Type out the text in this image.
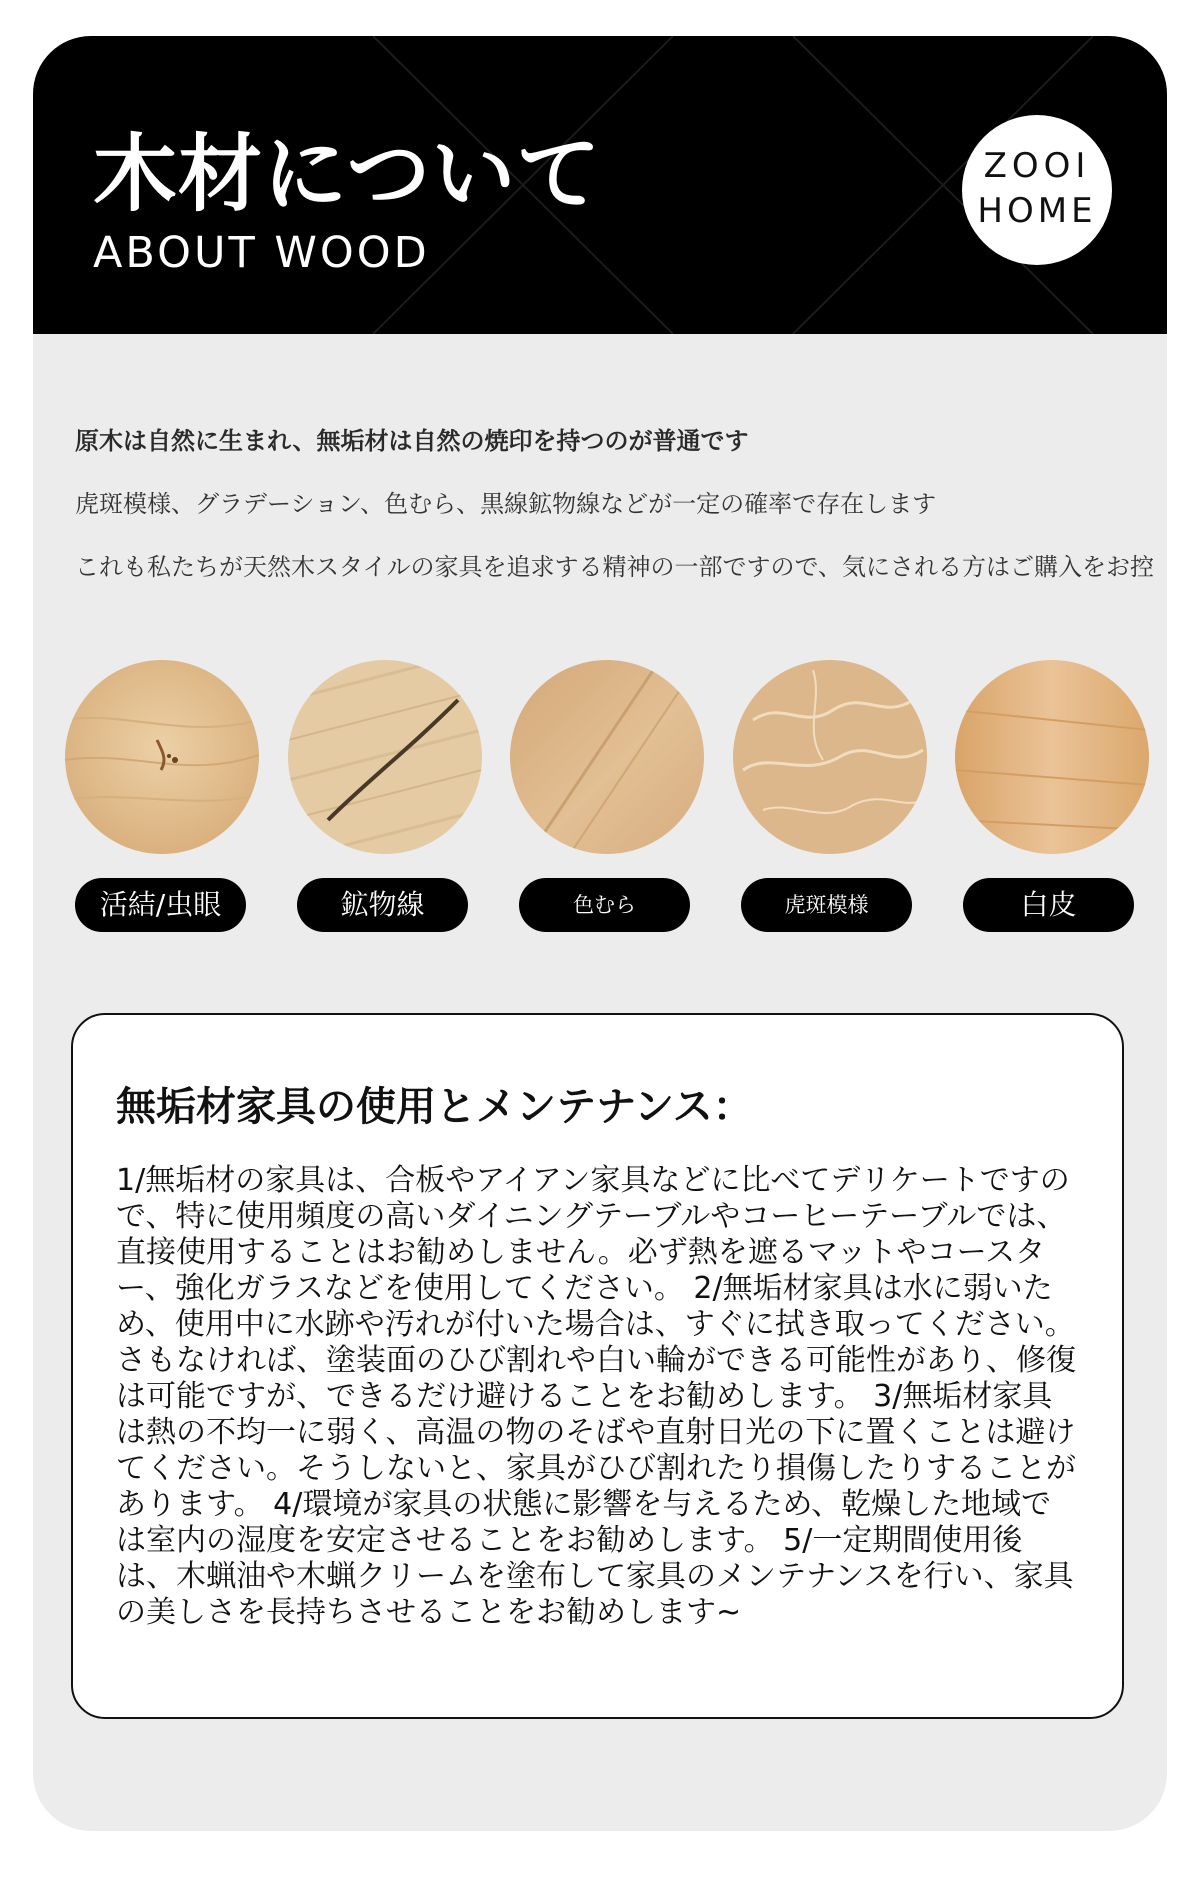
木材について
ABOUT WOOD
ZOOI
HOME
原木は自然に生まれ、無垢材は自然の焼印を持つのが普通です
虎斑模様、グラデーション、色むら、黒線鉱物線などが一定の確率で存在します
これも私たちが天然木スタイルの家具を追求する精神の一部ですので、気にされる方はご購入をお控
活結/虫眼	鉱物線	色むら	虎斑模様	白皮
無垢材家具の使用とメンテナンス：
1/無垢材の家具は、合板やアイアン家具などに比べてデリケートですので、特に使用頻度の高いダイニングテーブルやコーヒーテーブルでは、直接使用することはお勧めしません。必ず熱を遮るマットやコースター、強化ガラスなどを使用してください。 2/無垢材家具は水に弱いため、使用中に水跡や汚れが付いた場合は、すぐに拭き取ってください。さもなければ、塗装面のひび割れや白い輪ができる可能性があり、修復は可能ですが、できるだけ避けることをお勧めします。 3/無垢材家具は熱の不均一に弱く、高温の物のそばや直射日光の下に置くことは避けてください。そうしないと、家具がひび割れたり損傷したりすることがあります。 4/環境が家具の状態に影響を与えるため、乾燥した地域では室内の湿度を安定させることをお勧めします。 5/一定期間使用後は、木蝋油や木蝋クリームを塗布して家具のメンテナンスを行い、家具の美しさを長持ちさせることをお勧めします~
